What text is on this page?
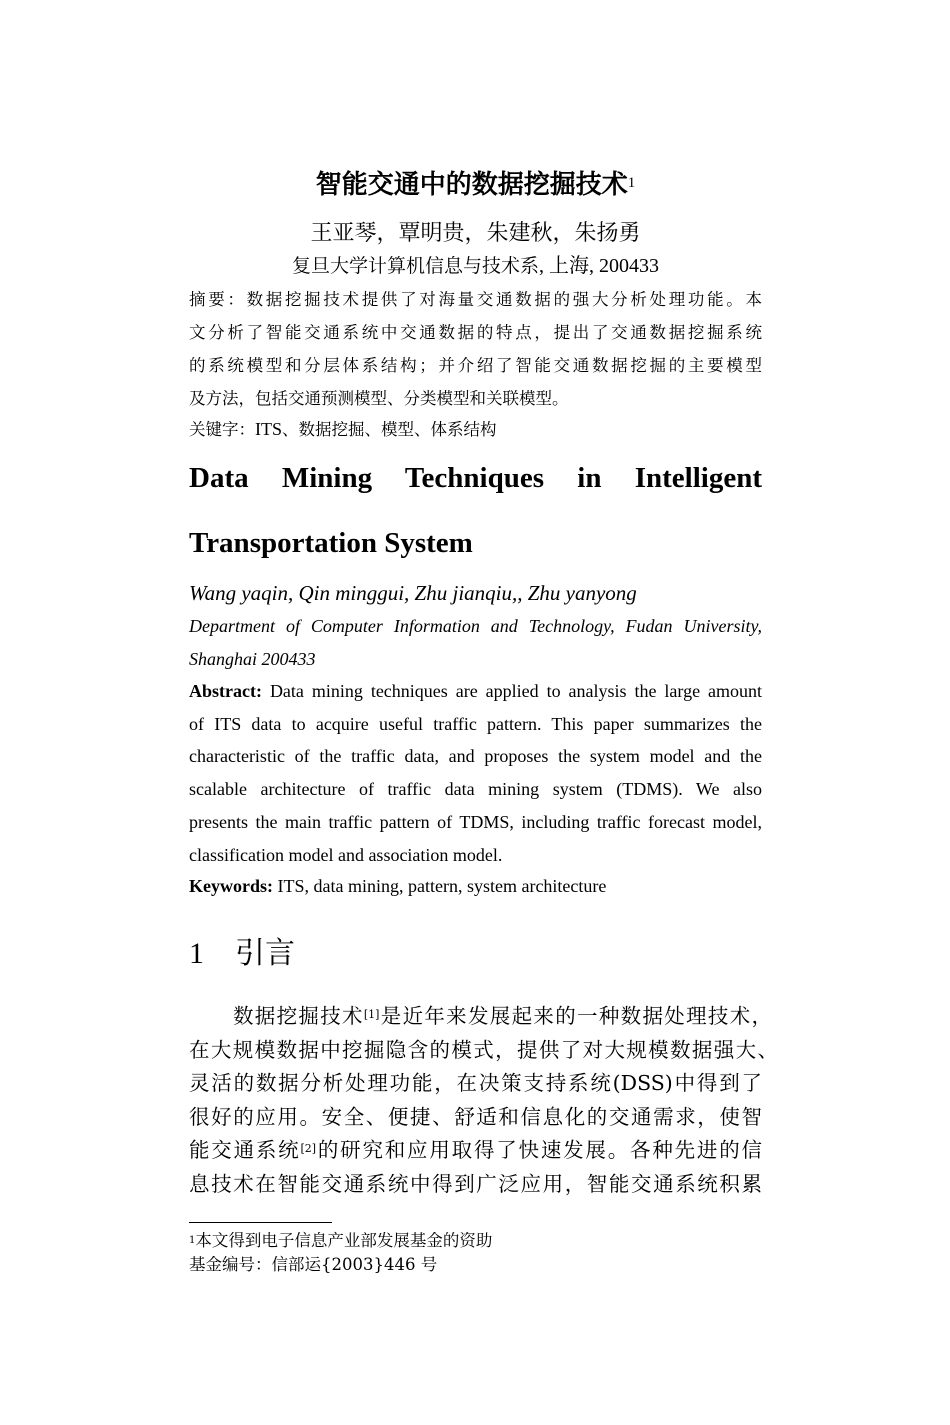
智能交通中的数据挖掘技术$^1$
王亚琴，覃明贵，朱建秋，朱扬勇
复旦大学计算机信息与技术系, 上海, 200433
摘要：数据挖掘技术提供了对海量交通数据的强大分析处理功能。本
文分析了智能交通系统中交通数据的特点，提出了交通数据挖掘系统
的系统模型和分层体系结构；并介绍了智能交通数据挖掘的主要模型
及方法，包括交通预测模型、分类模型和关联模型。
关键字：ITS、数据挖掘、模型、体系结构
Data Mining Techniques in Intelligent
Transportation System
Wang yaqin, Qin minggui, Zhu jianqiu,, Zhu yanyong
Department of Computer Information and Technology, Fudan University,
Shanghai 200433
Abstract: Data mining techniques are applied to analysis the large amount
of ITS data to acquire useful traffic pattern. This paper summarizes the
characteristic of the traffic data, and proposes the system model and the
scalable architecture of traffic data mining system (TDMS). We also
presents the main traffic pattern of TDMS, including traffic forecast model,
classification model and association model.
Keywords: ITS, data mining, pattern, system architecture
1 引言
数据挖掘技术[1]是近年来发展起来的一种数据处理技术，
在大规模数据中挖掘隐含的模式，提供了对大规模数据强大、
灵活的数据分析处理功能，在决策支持系统(DSS)中得到了
很好的应用。安全、便捷、舒适和信息化的交通需求，使智
能交通系统[2]的研究和应用取得了快速发展。各种先进的信
息技术在智能交通系统中得到广泛应用，智能交通系统积累
$^1$本文得到电子信息产业部发展基金的资助
基金编号：信部运{2003}446 号
